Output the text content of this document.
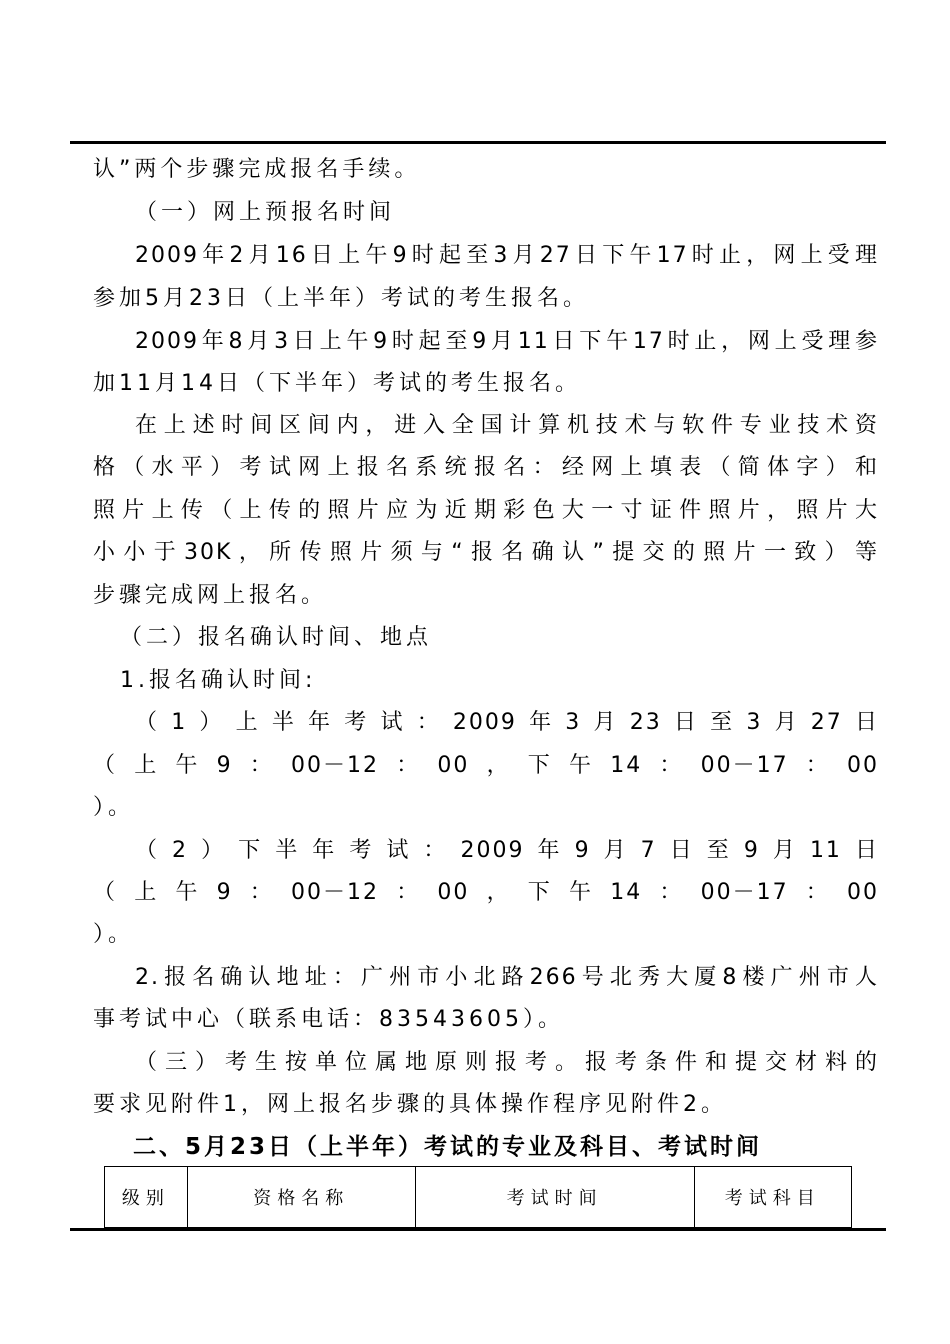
认”两个步骤完成报名手续。
（一）网上预报名时间
2009年2月16日上午9时起至3月27日下午17时止，网上受理
参加5月23日（上半年）考试的考生报名。
2009年8月3日上午9时起至9月11日下午17时止，网上受理参
加11月14日（下半年）考试的考生报名。
在上述时间区间内，进入全国计算机技术与软件专业技术资
格（水平）考试网上报名系统报名：经网上填表（简体字）和
照片上传（上传的照片应为近期彩色大一寸证件照片，照片大
小小于30K，所传照片须与“报名确认”提交的照片一致）等
步骤完成网上报名。
（二）报名确认时间、地点
1.报名确认时间:
（1）上半年考试：2009年3月23日至3月27日
（上午9：00－12：00，下午14：00－17：00
）。
（2）下半年考试：2009年9月7日至9月11日
（上午9：00－12：00，下午14：00－17：00
）。
2.报名确认地址：广州市小北路266号北秀大厦8楼广州市人
事考试中心（联系电话：83543605）。
（三）考生按单位属地原则报考。报考条件和提交材料的
要求见附件1，网上报名步骤的具体操作程序见附件2。
二、5月23日（上半年）考试的专业及科目、考试时间
级别	资格名称	考试时间	考试科目
